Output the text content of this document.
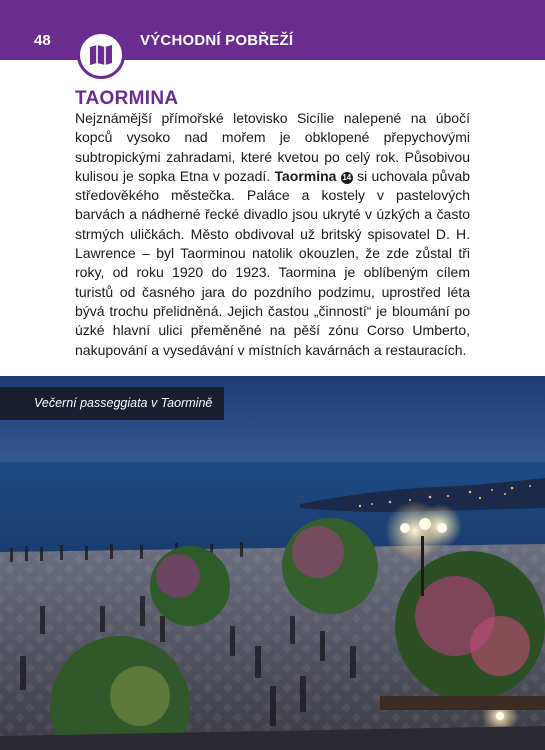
48	VÝCHODNÍ POBŘEŽÍ
TAORMINA
Nejznámější přímořské letovisko Sicílie nalepené na úbočí kopců vysoko nad mořem je obklopené přepychovými subtropickými zahradami, které kvetou po celý rok. Působivou kulisou je sopka Etna v pozadí. Taormina 14 si uchovala půvab středověkého městečka. Paláce a kostely v pastelových barvách a nádherné řecké divadlo jsou ukryté v úzkých a často strmých uličkách. Město obdivoval už britský spisovatel D. H. Lawrence – byl Taorminou natolik okouzlen, že zde zůstal tři roky, od roku 1920 do 1923. Taormina je oblíbeným cílem turistů od časného jara do pozdního podzimu, uprostřed léta bývá trochu přelidněná. Jejich častou „činností“ je bloumání po úzké hlavní ulici přeměněné na pěší zónu Corso Umberto, nakupování a vysedávání v místních kavárnách a restauracích.
Večerní passeggiata v Taormině
